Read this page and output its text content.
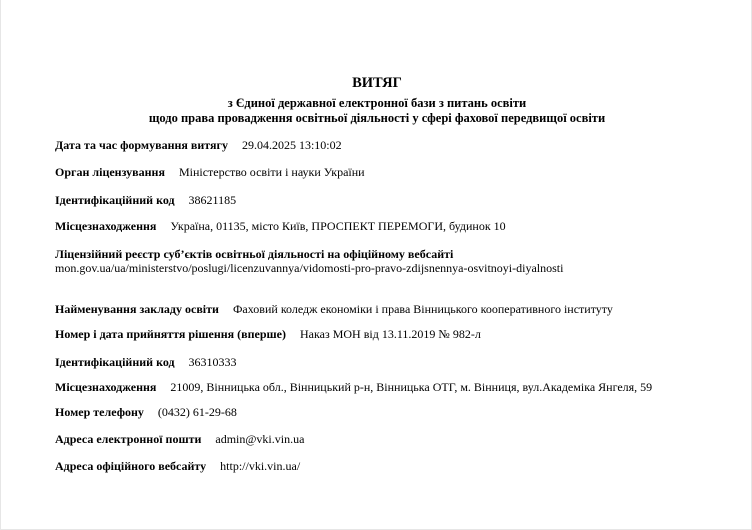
ВИТЯГ
з Єдиної державної електронної бази з питань освіти
щодо права провадження освітньої діяльності у сфері фахової передвищої освіти
Дата та час формування витягу 29.04.2025 13:10:02
Орган ліцензування Міністерство освіти і науки України
Ідентифікаційний код 38621185
Місцезнаходження Україна, 01135, місто Київ, ПРОСПЕКТ ПЕРЕМОГИ, будинок 10
Ліцензійний реєстр суб’єктів освітньої діяльності на офіційному вебсайті
mon.gov.ua/ua/ministerstvo/poslugi/licenzuvannya/vidomosti-pro-pravo-zdijsnennya-osvitnoyi-diyalnosti
Найменування закладу освіти Фаховий коледж економіки і права Вінницького кооперативного інституту
Номер і дата прийняття рішення (вперше) Наказ МОН від 13.11.2019 № 982-л
Ідентифікаційний код 36310333
Місцезнаходження 21009, Вінницька обл., Вінницький р-н, Вінницька ОТГ, м. Вінниця, вул.Академіка Янгеля, 59
Номер телефону (0432) 61-29-68
Адреса електронної пошти admin@vki.vin.ua
Адреса офіційного вебсайту http://vki.vin.ua/
